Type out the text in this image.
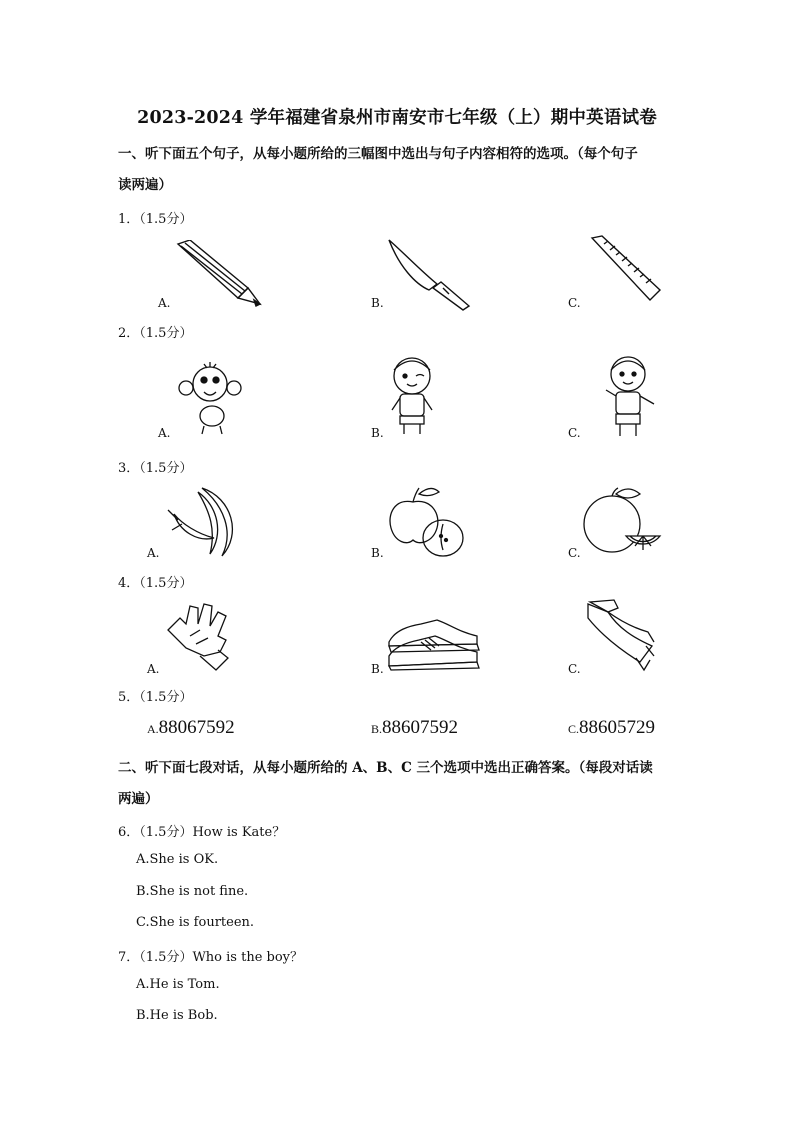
2023-2024 学年福建省泉州市南安市七年级（上）期中英语试卷
一、听下面五个句子，从每小题所给的三幅图中选出与句子内容相符的选项。（每个句子
读两遍）
1．（1.5分）
A.	B.	C.
2．（1.5分）
A.	B.	C.
3．（1.5分）
A.	B.	C.
4．（1.5分）
A.	B.	C.
5．（1.5分）
A.88067592	B.88607592	C.88605729
二、听下面七段对话，从每小题所给的 A、B、C 三个选项中选出正确答案。（每段对话读
两遍）
6．（1.5分）How is Kate？
A.She is OK.
B.She is not fine.
C.She is fourteen.
7．（1.5分）Who is the boy？
A.He is Tom.
B.He is Bob.
